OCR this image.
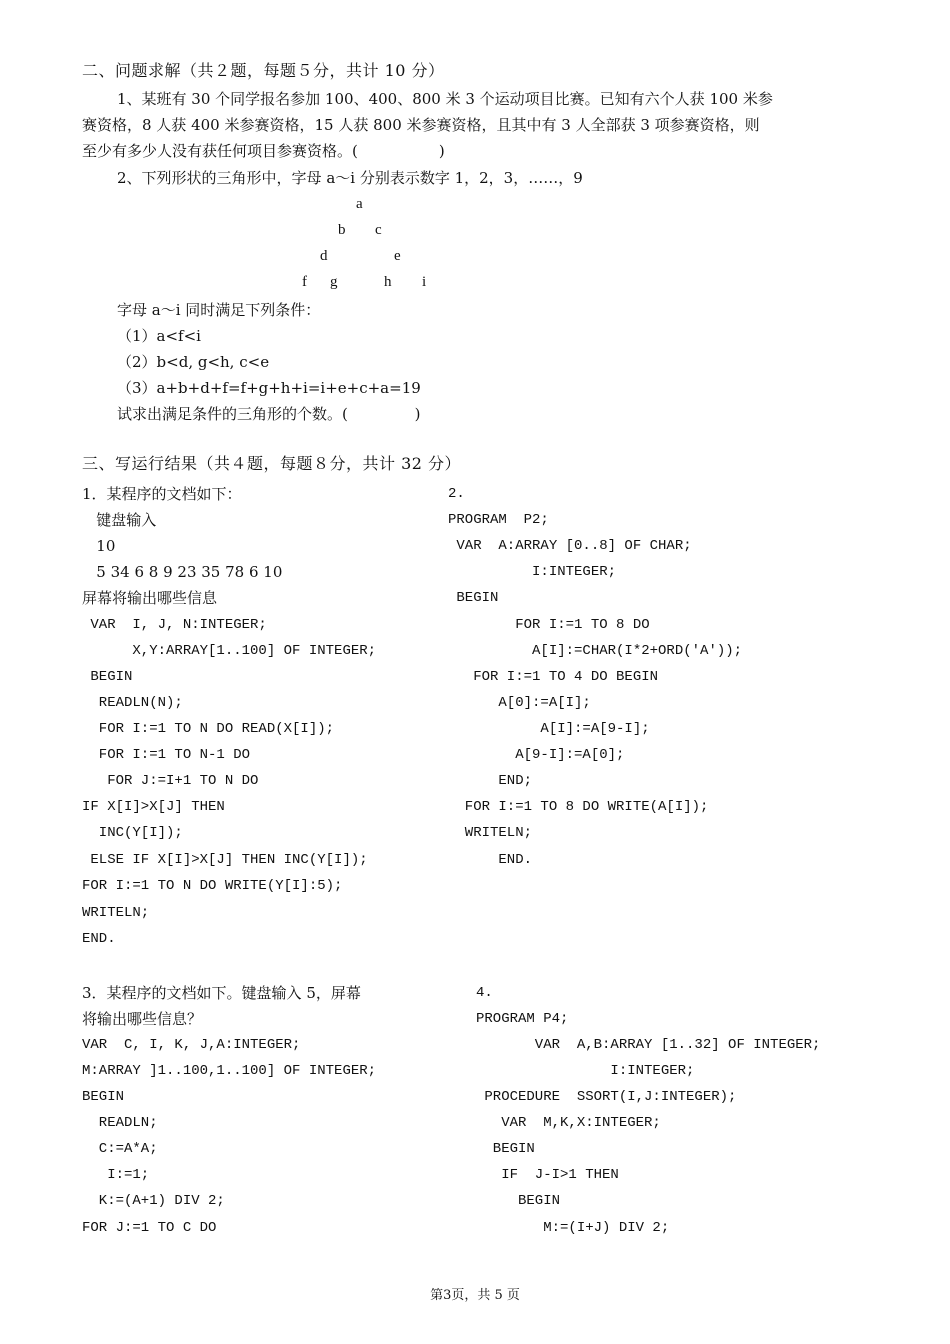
二、问题求解（共２题，每题５分，共计 10 分）
1、某班有 30 个同学报名参加 100、400、800 米 3 个运动项目比赛。已知有六个人获 100 米参
赛资格，8 人获 400 米参赛资格，15 人获 800 米参赛资格，且其中有 3 人全部获 3 项参赛资格，则
至少有多少人没有获任何项目参赛资格。(                 )
2、下列形状的三角形中，字母 a～i 分别表示数字 1，2，3，……，9
a
b c
d	e
f g	h i
字母 a～i 同时满足下列条件：
（1）a<f<i
（2）b<d, g<h, c<e
（3）a+b+d+f=f+g+h+i=i+e+c+a=19
试求出满足条件的三角形的个数。(              )
三、写运行结果（共４题，每题８分，共计 32 分）
1．某程序的文档如下：
键盘输入
10
5 34 6 8 9 23 35 78 6 10
屏幕将输出哪些信息
VAR  I, J, N:INTEGER;
X,Y:ARRAY[1..100] OF INTEGER;
BEGIN
READLN(N);
FOR I:=1 TO N DO READ(X[I]);
FOR I:=1 TO N-1 DO
FOR J:=I+1 TO N DO
IF X[I]>X[J] THEN
INC(Y[I]);
ELSE IF X[I]>X[J] THEN INC(Y[I]);
FOR I:=1 TO N DO WRITE(Y[I]:5);
WRITELN;
END.
2.
PROGRAM  P2;
VAR  A:ARRAY [0..8] OF CHAR;
I:INTEGER;
BEGIN
FOR I:=1 TO 8 DO
A[I]:=CHAR(I*2+ORD('A'));
FOR I:=1 TO 4 DO BEGIN
A[0]:=A[I];
A[I]:=A[9-I];
A[9-I]:=A[0];
END;
FOR I:=1 TO 8 DO WRITE(A[I]);
WRITELN;
END.
3．某程序的文档如下。键盘输入 5，屏幕
将输出哪些信息？
VAR  C, I, K, J,A:INTEGER;
M:ARRAY ]1..100,1..100] OF INTEGER;
BEGIN
READLN;
C:=A*A;
I:=1;
K:=(A+1) DIV 2;
FOR J:=1 TO C DO
4.
PROGRAM P4;
VAR  A,B:ARRAY [1..32] OF INTEGER;
I:INTEGER;
PROCEDURE  SSORT(I,J:INTEGER);
VAR  M,K,X:INTEGER;
BEGIN
IF  J-I>1 THEN
BEGIN
M:=(I+J) DIV 2;
第3页，共 5 页
